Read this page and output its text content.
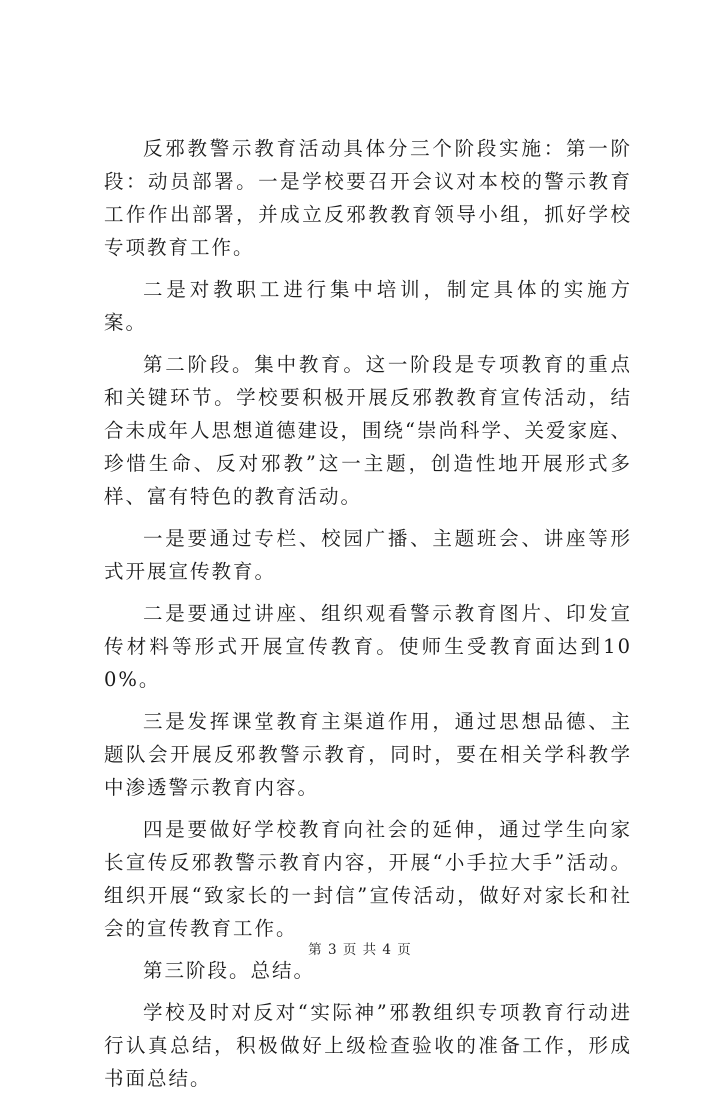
反邪教警示教育活动具体分三个阶段实施：第一阶段：动员部署。一是学校要召开会议对本校的警示教育工作作出部署，并成立反邪教教育领导小组，抓好学校专项教育工作。

二是对教职工进行集中培训，制定具体的实施方案。

第二阶段。集中教育。这一阶段是专项教育的重点和关键环节。学校要积极开展反邪教教育宣传活动，结合未成年人思想道德建设，围绕“崇尚科学、关爱家庭、珍惜生命、反对邪教”这一主题，创造性地开展形式多样、富有特色的教育活动。

一是要通过专栏、校园广播、主题班会、讲座等形式开展宣传教育。

二是要通过讲座、组织观看警示教育图片、印发宣传材料等形式开展宣传教育。使师生受教育面达到100%。

三是发挥课堂教育主渠道作用，通过思想品德、主题队会开展反邪教警示教育，同时，要在相关学科教学中渗透警示教育内容。

四是要做好学校教育向社会的延伸，通过学生向家长宣传反邪教警示教育内容，开展“小手拉大手”活动。组织开展“致家长的一封信”宣传活动，做好对家长和社会的宣传教育工作。

第三阶段。总结。

学校及时对反对“实际神”邪教组织专项教育行动进行认真总结，积极做好上级检查验收的准备工作，形成书面总结。

第 3 页 共 4 页
